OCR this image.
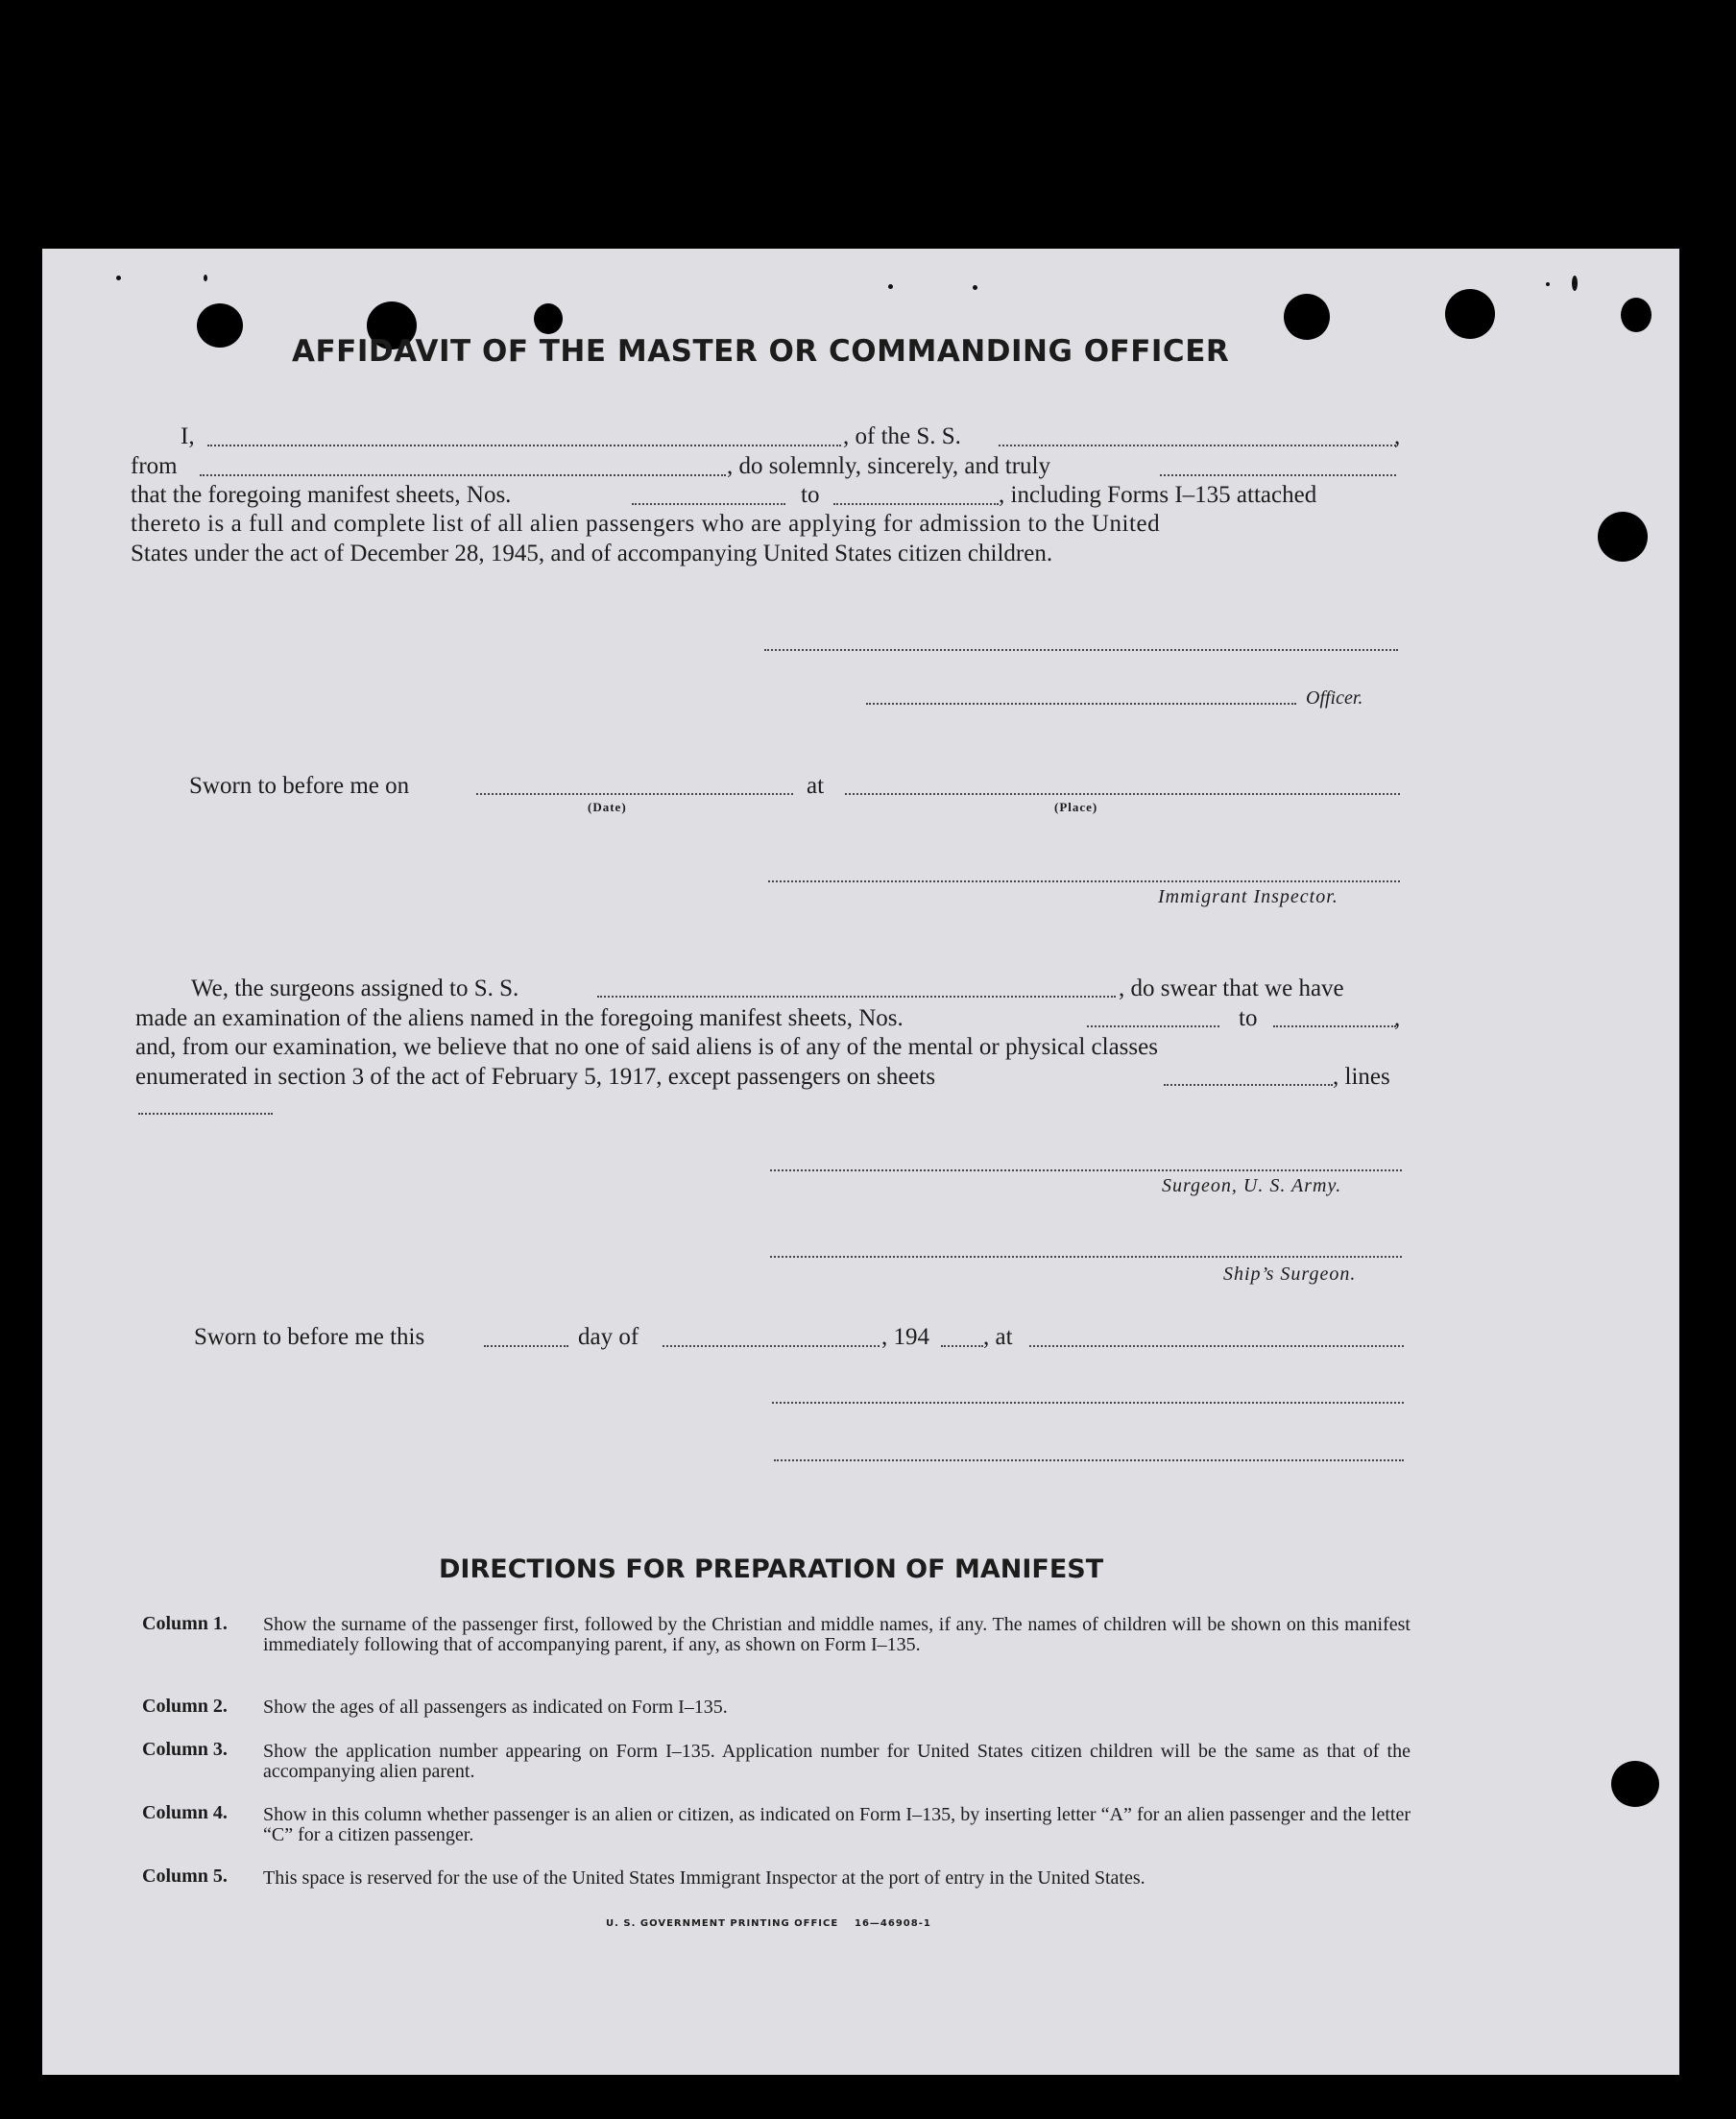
AFFIDAVIT OF THE MASTER OR COMMANDING OFFICER
I,	, of the S. S.	,
from	, do solemnly, sincerely, and truly
that the foregoing manifest sheets, Nos.	to	, including Forms I–135 attached
thereto is a full and complete list of all alien passengers who are applying for admission to the United
States under the act of December 28, 1945, and of accompanying United States citizen children.
Officer.
Sworn to before me on	at
(Date)	(Place)
Immigrant Inspector.
We, the surgeons assigned to S. S.	, do swear that we have
made an examination of the aliens named in the foregoing manifest sheets, Nos.	to	,
and, from our examination, we believe that no one of said aliens is of any of the mental or physical classes
enumerated in section 3 of the act of February 5, 1917, except passengers on sheets	, lines
Surgeon, U. S. Army.
Ship’s Surgeon.
Sworn to before me this	day of	, 194 , at
DIRECTIONS FOR PREPARATION OF MANIFEST
Column 1. Show the surname of the passenger first, followed by the Christian and middle names, if any. The names of children will be shown on this manifest immediately following that of accompanying parent, if any, as shown on Form I–135.
Column 2. Show the ages of all passengers as indicated on Form I–135.
Column 3. Show the application number appearing on Form I–135. Application number for United States citizen children will be the same as that of the accompanying alien parent.
Column 4. Show in this column whether passenger is an alien or citizen, as indicated on Form I–135, by inserting letter “A” for an alien passenger and the letter “C” for a citizen passenger.
Column 5. This space is reserved for the use of the United States Immigrant Inspector at the port of entry in the United States.
U. S. GOVERNMENT PRINTING OFFICE 16—46908-1
